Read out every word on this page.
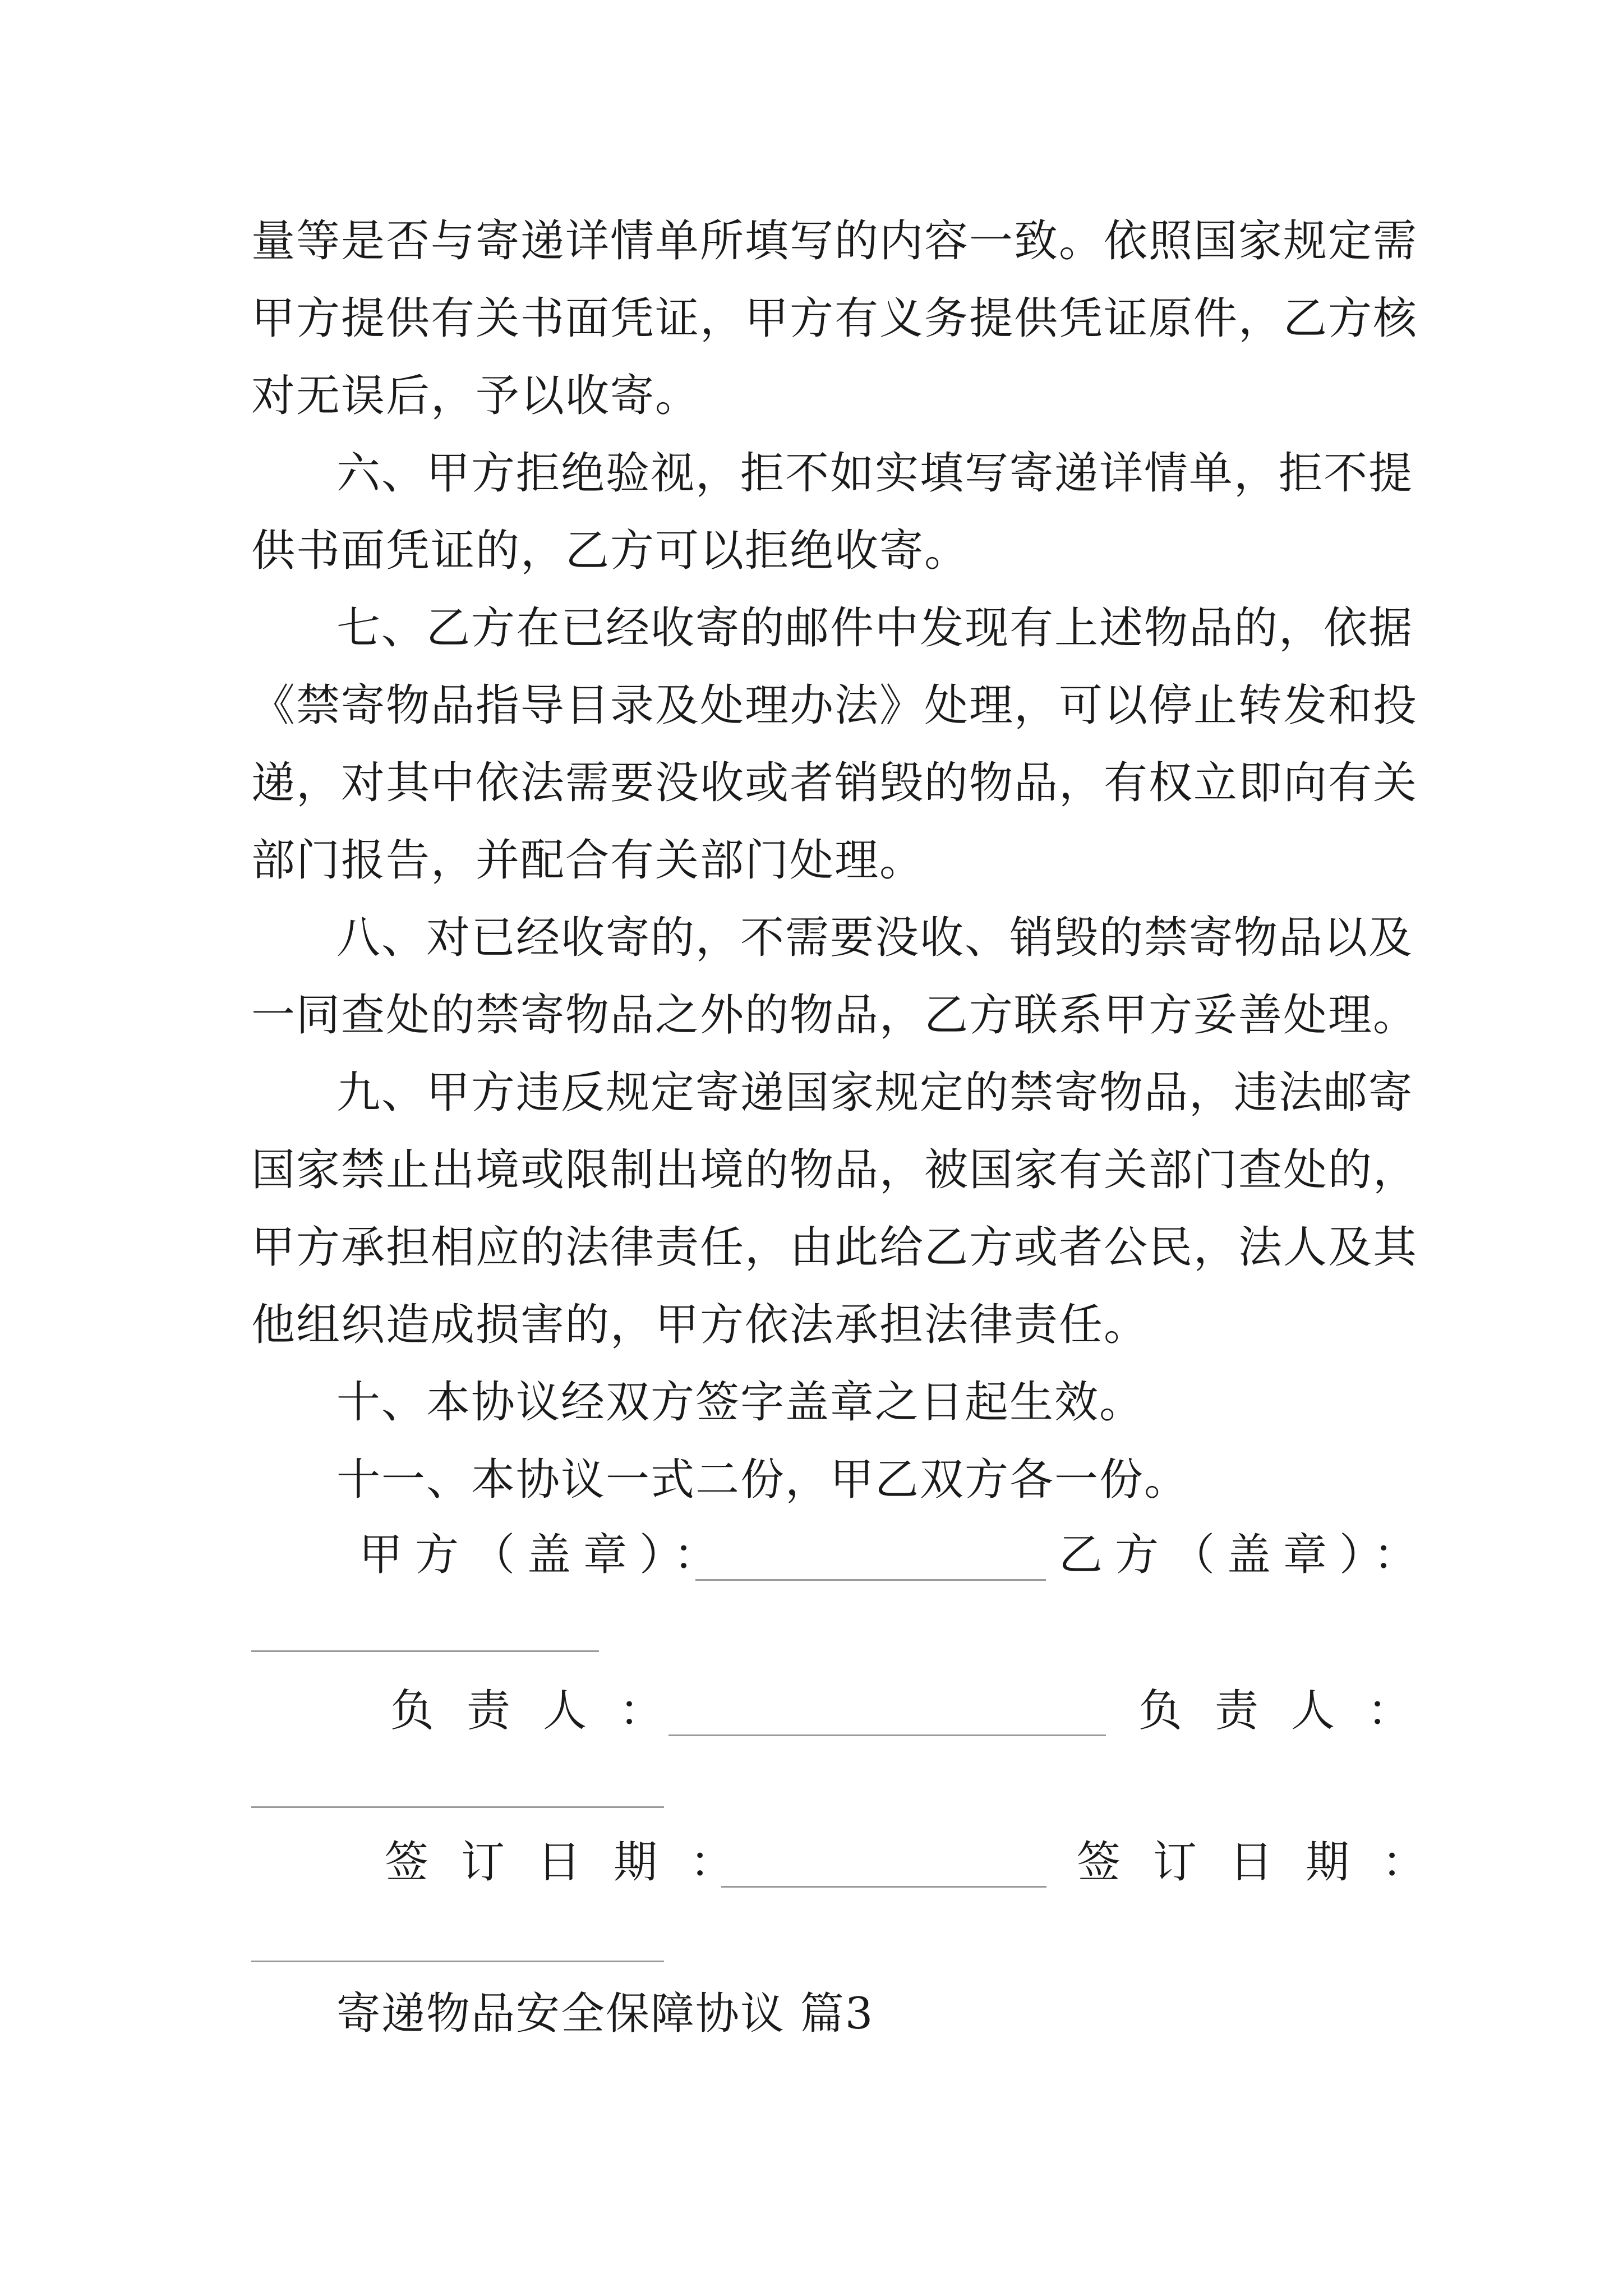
量等是否与寄递详情单所填写的内容一致。依照国家规定需
甲方提供有关书面凭证，甲方有义务提供凭证原件，乙方核
对无误后，予以收寄。
六、甲方拒绝验视，拒不如实填写寄递详情单，拒不提
供书面凭证的，乙方可以拒绝收寄。
七、乙方在已经收寄的邮件中发现有上述物品的，依据
《禁寄物品指导目录及处理办法》处理，可以停止转发和投
递，对其中依法需要没收或者销毁的物品，有权立即向有关
部门报告，并配合有关部门处理。
八、对已经收寄的，不需要没收、销毁的禁寄物品以及
一同查处的禁寄物品之外的物品，乙方联系甲方妥善处理。
九、甲方违反规定寄递国家规定的禁寄物品，违法邮寄
国家禁止出境或限制出境的物品，被国家有关部门查处的，
甲方承担相应的法律责任，由此给乙方或者公民，法人及其
他组织造成损害的，甲方依法承担法律责任。
十、本协议经双方签字盖章之日起生效。
十一、本协议一式二份，甲乙双方各一份。
甲方（盖章）：	乙方（盖章）：
负责人：	负责人：
签订日期：	签订日期：
寄递物品安全保障协议 篇3
